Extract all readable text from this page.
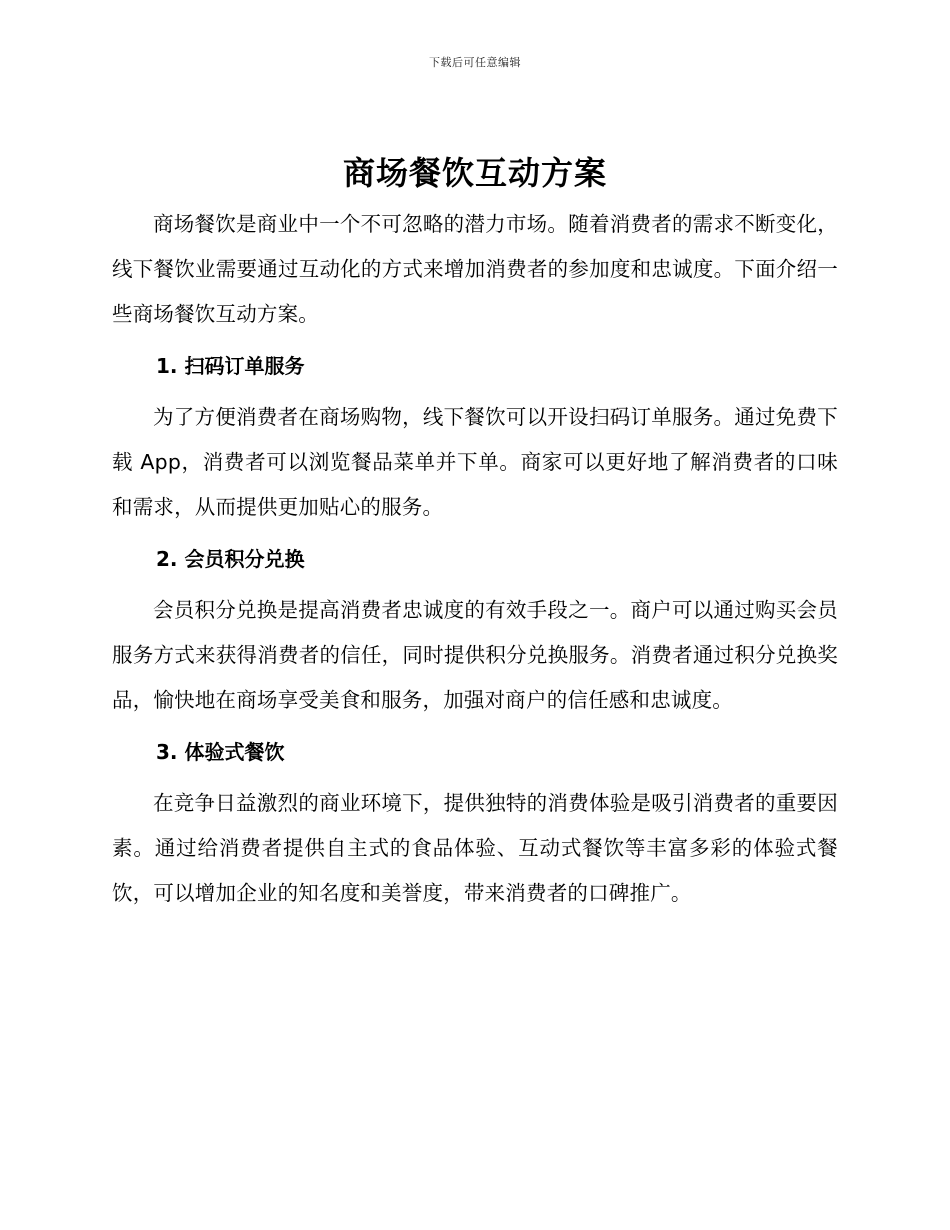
下载后可任意编辑
商场餐饮互动方案

商场餐饮是商业中一个不可忽略的潜力市场。随着消费者的需求不断变化，线下餐饮业需要通过互动化的方式来增加消费者的参加度和忠诚度。下面介绍一些商场餐饮互动方案。

1. 扫码订单服务

为了方便消费者在商场购物，线下餐饮可以开设扫码订单服务。通过免费下载 App，消费者可以浏览餐品菜单并下单。商家可以更好地了解消费者的口味和需求，从而提供更加贴心的服务。

2. 会员积分兑换

会员积分兑换是提高消费者忠诚度的有效手段之一。商户可以通过购买会员服务方式来获得消费者的信任，同时提供积分兑换服务。消费者通过积分兑换奖品，愉快地在商场享受美食和服务，加强对商户的信任感和忠诚度。

3. 体验式餐饮

在竞争日益激烈的商业环境下，提供独特的消费体验是吸引消费者的重要因素。通过给消费者提供自主式的食品体验、互动式餐饮等丰富多彩的体验式餐饮，可以增加企业的知名度和美誉度，带来消费者的口碑推广。
